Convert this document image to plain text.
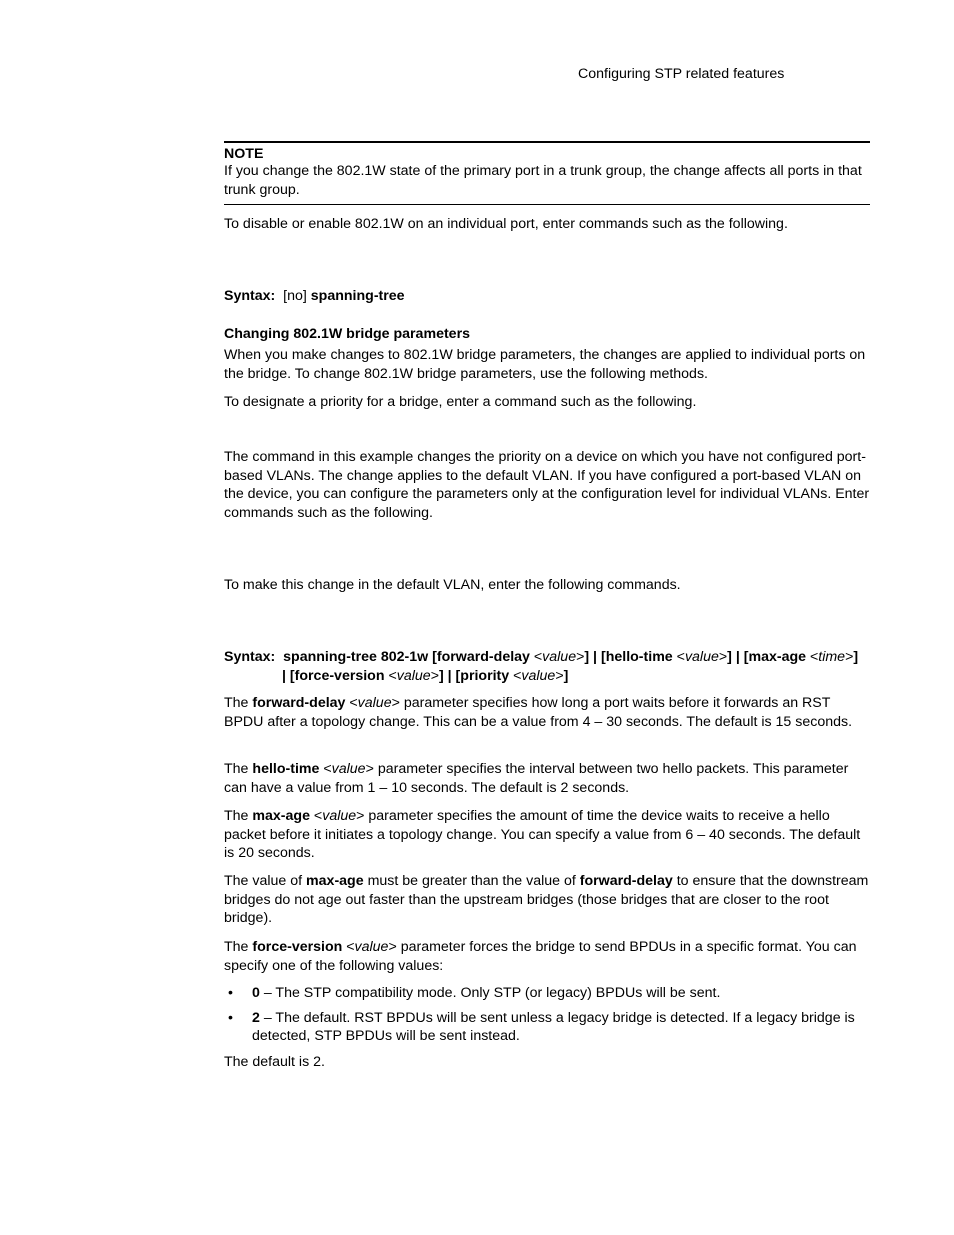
Configuring STP related features
NOTE
If you change the 802.1W state of the primary port in a trunk group, the change affects all ports in that trunk group.
To disable or enable 802.1W on an individual port, enter commands such as the following.
Syntax: [no] spanning-tree
Changing 802.1W bridge parameters
When you make changes to 802.1W bridge parameters, the changes are applied to individual ports on the bridge. To change 802.1W bridge parameters, use the following methods.
To designate a priority for a bridge, enter a command such as the following.
The command in this example changes the priority on a device on which you have not configured port-based VLANs. The change applies to the default VLAN. If you have configured a port-based VLAN on the device, you can configure the parameters only at the configuration level for individual VLANs. Enter commands such as the following.
To make this change in the default VLAN, enter the following commands.
Syntax: spanning-tree 802-1w [forward-delay <value>] | [hello-time <value>] | [max-age <time>]
| [force-version <value>] | [priority <value>]
The forward-delay <value> parameter specifies how long a port waits before it forwards an RST BPDU after a topology change. This can be a value from 4 – 30 seconds. The default is 15 seconds.
The hello-time <value> parameter specifies the interval between two hello packets. This parameter can have a value from 1 – 10 seconds. The default is 2 seconds.
The max-age <value> parameter specifies the amount of time the device waits to receive a hello packet before it initiates a topology change. You can specify a value from 6 – 40 seconds. The default is 20 seconds.
The value of max-age must be greater than the value of forward-delay to ensure that the downstream bridges do not age out faster than the upstream bridges (those bridges that are closer to the root bridge).
The force-version <value> parameter forces the bridge to send BPDUs in a specific format. You can specify one of the following values:
• 0 – The STP compatibility mode. Only STP (or legacy) BPDUs will be sent.
• 2 – The default. RST BPDUs will be sent unless a legacy bridge is detected. If a legacy bridge is detected, STP BPDUs will be sent instead.
The default is 2.
